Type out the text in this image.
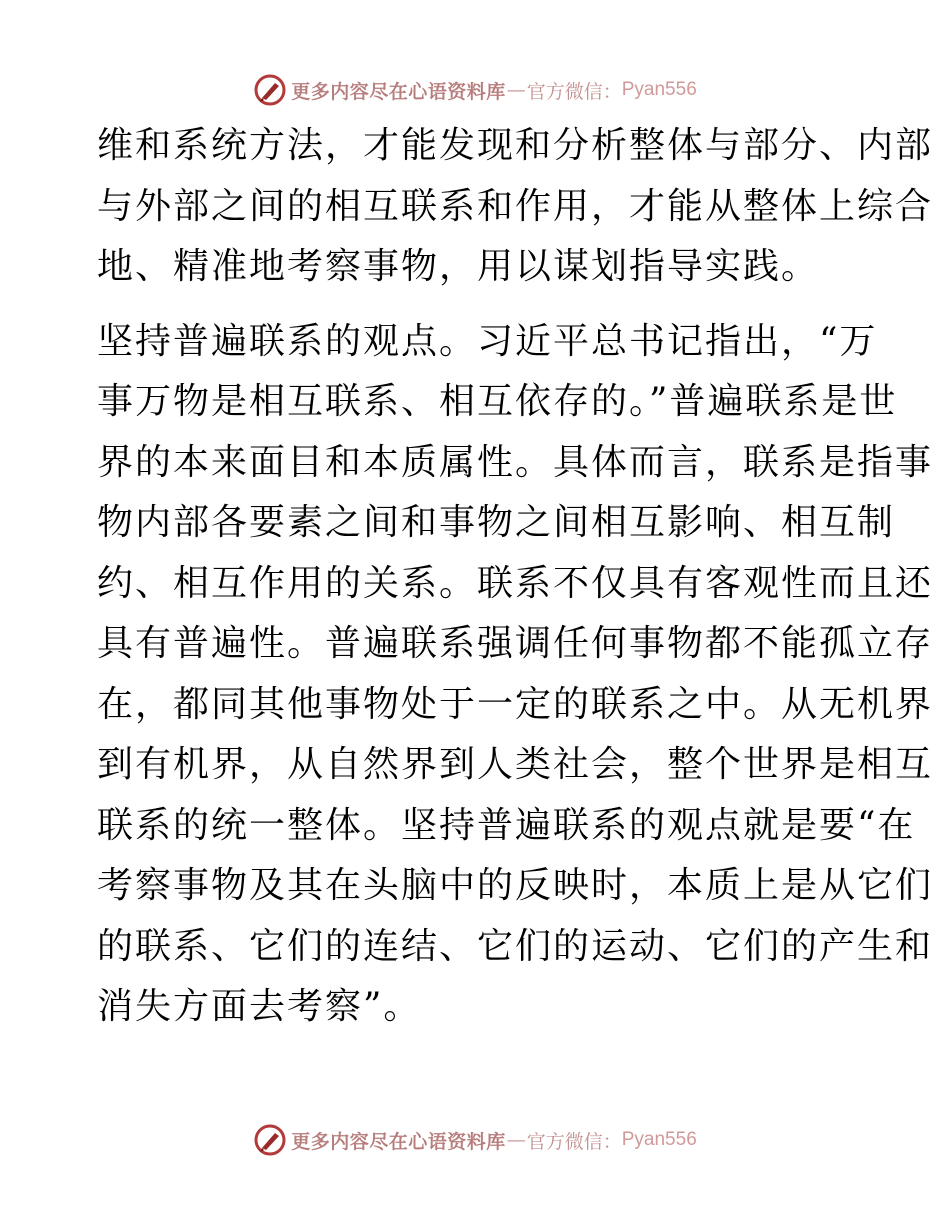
更多内容尽在心语资料库 — 官方微信： Pyan556
维和系统方法，才能发现和分析整体与部分、内部
与外部之间的相互联系和作用，才能从整体上综合
地、精准地考察事物，用以谋划指导实践。
坚持普遍联系的观点。习近平总书记指出，“万
事万物是相互联系、相互依存的。”普遍联系是世
界的本来面目和本质属性。具体而言，联系是指事
物内部各要素之间和事物之间相互影响、相互制
约、相互作用的关系。联系不仅具有客观性而且还
具有普遍性。普遍联系强调任何事物都不能孤立存
在，都同其他事物处于一定的联系之中。从无机界
到有机界，从自然界到人类社会，整个世界是相互
联系的统一整体。坚持普遍联系的观点就是要“在
考察事物及其在头脑中的反映时，本质上是从它们
的联系、它们的连结、它们的运动、它们的产生和
消失方面去考察”。
更多内容尽在心语资料库 — 官方微信： Pyan556
